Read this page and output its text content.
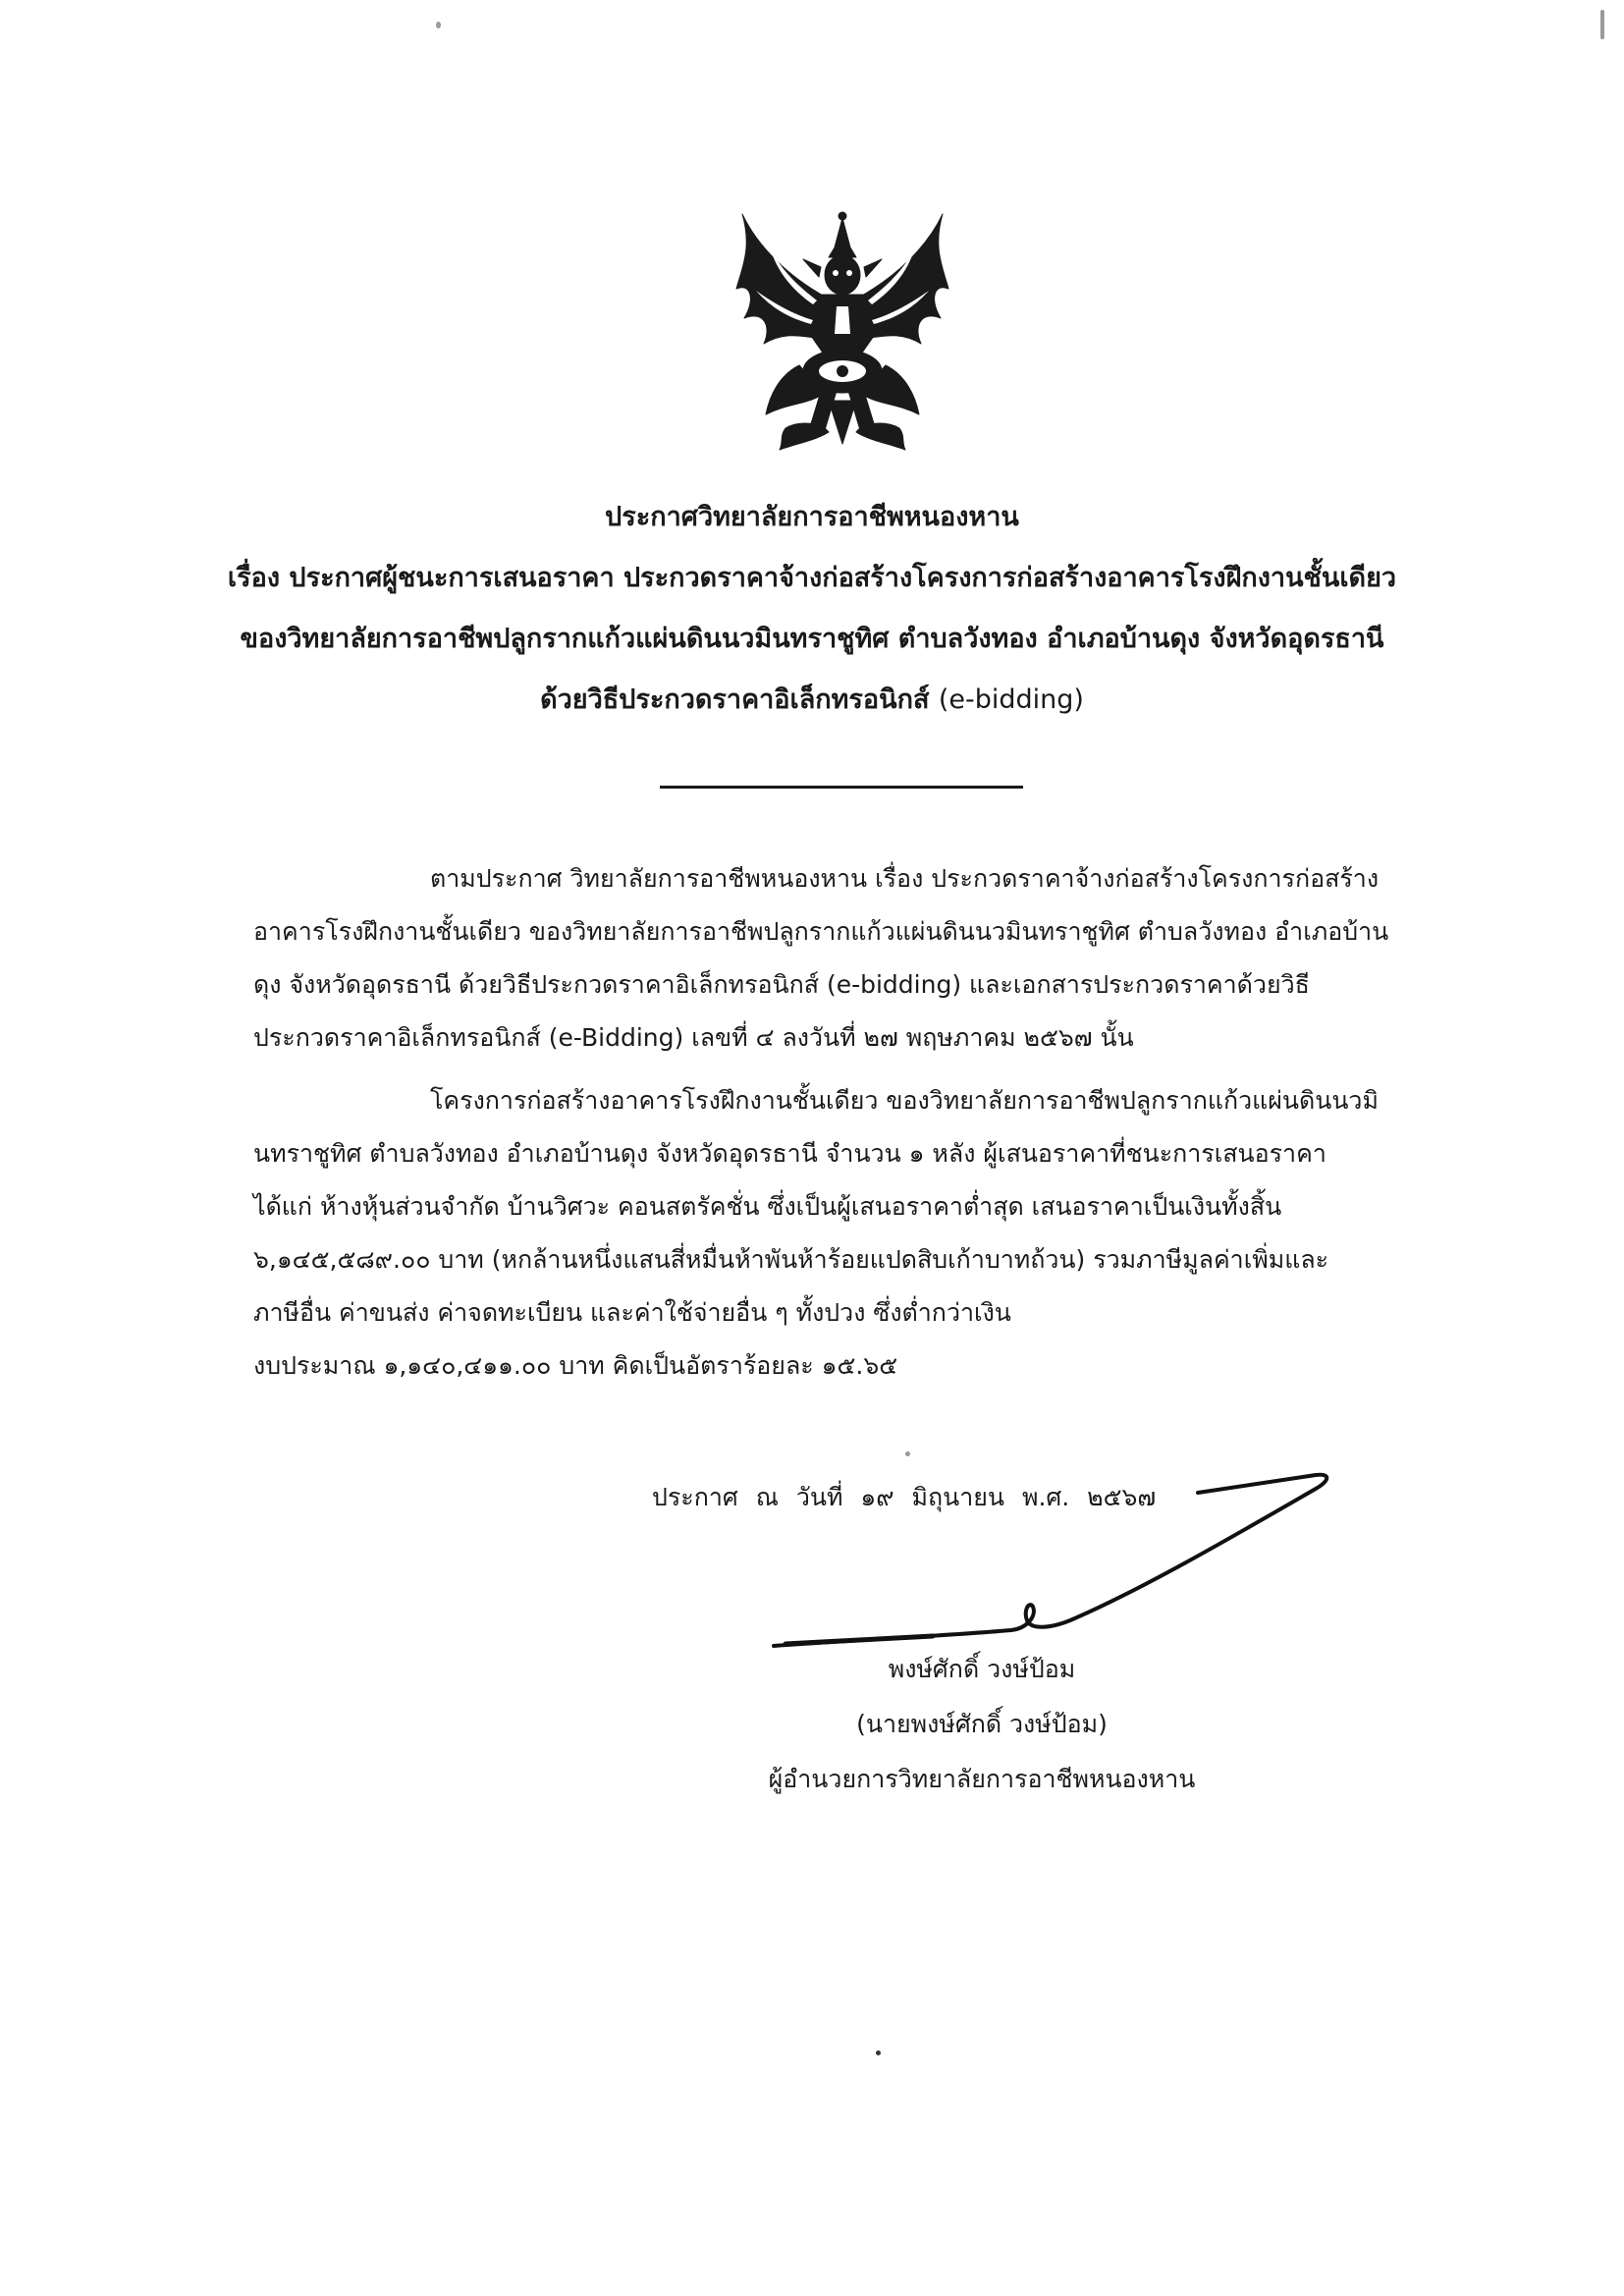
ประกาศวิทยาลัยการอาชีพหนองหาน
เรื่อง ประกาศผู้ชนะการเสนอราคา ประกวดราคาจ้างก่อสร้างโครงการก่อสร้างอาคารโรงฝึกงานชั้นเดียว
ของวิทยาลัยการอาชีพปลูกรากแก้วแผ่นดินนวมินทราชูทิศ ตำบลวังทอง อำเภอบ้านดุง จังหวัดอุดรธานี
ด้วยวิธีประกวดราคาอิเล็กทรอนิกส์ (e-bidding)
ตามประกาศ วิทยาลัยการอาชีพหนองหาน เรื่อง ประกวดราคาจ้างก่อสร้างโครงการก่อสร้าง
อาคารโรงฝึกงานชั้นเดียว ของวิทยาลัยการอาชีพปลูกรากแก้วแผ่นดินนวมินทราชูทิศ ตำบลวังทอง อำเภอบ้าน
ดุง จังหวัดอุดรธานี ด้วยวิธีประกวดราคาอิเล็กทรอนิกส์ (e-bidding) และเอกสารประกวดราคาด้วยวิธี
ประกวดราคาอิเล็กทรอนิกส์ (e-Bidding) เลขที่ ๔ ลงวันที่ ๒๗ พฤษภาคม ๒๕๖๗ นั้น
โครงการก่อสร้างอาคารโรงฝึกงานชั้นเดียว ของวิทยาลัยการอาชีพปลูกรากแก้วแผ่นดินนวมิ
นทราชูทิศ ตำบลวังทอง อำเภอบ้านดุง จังหวัดอุดรธานี จำนวน ๑ หลัง ผู้เสนอราคาที่ชนะการเสนอราคา
ได้แก่ ห้างหุ้นส่วนจำกัด บ้านวิศวะ คอนสตรัคชั่น ซึ่งเป็นผู้เสนอราคาต่ำสุด เสนอราคาเป็นเงินทั้งสิ้น
๖,๑๔๕,๕๘๙.๐๐ บาท (หกล้านหนึ่งแสนสี่หมื่นห้าพันห้าร้อยแปดสิบเก้าบาทถ้วน) รวมภาษีมูลค่าเพิ่มและ
ภาษีอื่น ค่าขนส่ง ค่าจดทะเบียน และค่าใช้จ่ายอื่น ๆ ทั้งปวง ซึ่งต่ำกว่าเงิน
งบประมาณ ๑,๑๔๐,๔๑๑.๐๐ บาท คิดเป็นอัตราร้อยละ ๑๕.๖๕
ประกาศ ณ วันที่ ๑๙ มิถุนายน พ.ศ. ๒๕๖๗
พงษ์ศักดิ์ วงษ์ป้อม
(นายพงษ์ศักดิ์ วงษ์ป้อม)
ผู้อำนวยการวิทยาลัยการอาชีพหนองหาน
